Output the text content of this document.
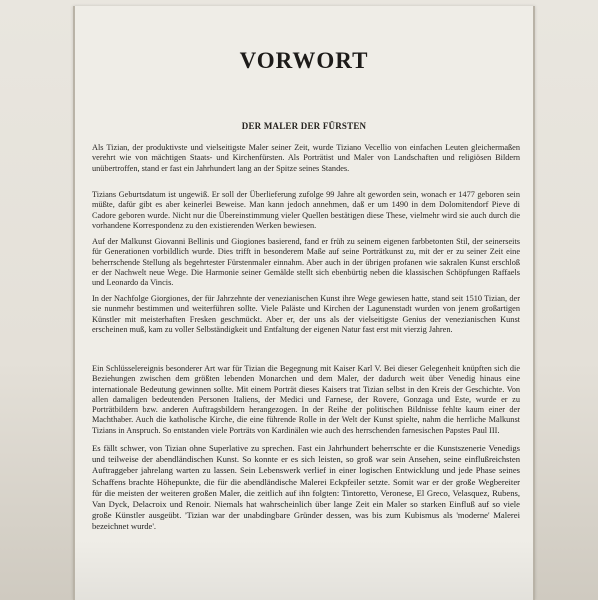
VORWORT
DER MALER DER FÜRSTEN
Als Tizian, der produktivste und vielseitigste Maler seiner Zeit, wurde Tiziano Vecellio von einfachen Leuten gleichermaßen verehrt wie von mächtigen Staats- und Kirchenfürsten. Als Porträtist und Maler von Landschaften und religiösen Bildern unübertroffen, stand er fast ein Jahrhundert lang an der Spitze seines Standes.
Tizians Geburtsdatum ist ungewiß. Er soll der Überlieferung zufolge 99 Jahre alt geworden sein, wonach er 1477 geboren sein müßte, dafür gibt es aber keinerlei Beweise. Man kann jedoch annehmen, daß er um 1490 in dem Dolomitendorf Pieve di Cadore geboren wurde. Nicht nur die Übereinstimmung vieler Quellen bestätigen diese These, vielmehr wird sie auch durch die vorhandene Korrespondenz zu den existierenden Werken bewiesen.
Auf der Malkunst Giovanni Bellinis und Giogiones basierend, fand er früh zu seinem eigenen farbbetonten Stil, der seinerseits für Generationen vorbildlich wurde. Dies trifft in besonderem Maße auf seine Porträtkunst zu, mit der er zu seiner Zeit eine beherrschende Stellung als begehrtester Fürstenmaler einnahm. Aber auch in der übrigen profanen wie sakralen Kunst erschloß er der Nachwelt neue Wege. Die Harmonie seiner Gemälde stellt sich ebenbürtig neben die klassischen Schöpfungen Raffaels und Leonardo da Vincis.
In der Nachfolge Giorgiones, der für Jahrzehnte der venezianischen Kunst ihre Wege gewiesen hatte, stand seit 1510 Tizian, der sie nunmehr bestimmen und weiterführen sollte. Viele Paläste und Kirchen der Lagunenstadt wurden von jenem großartigen Künstler mit meisterhaften Fresken geschmückt. Aber er, der uns als der vielseitigste Genius der venezianischen Kunst erscheinen muß, kam zu voller Selbständigkeit und Entfaltung der eigenen Natur fast erst mit vierzig Jahren.
Ein Schlüsselereignis besonderer Art war für Tizian die Begegnung mit Kaiser Karl V. Bei dieser Gelegenheit knüpften sich die Beziehungen zwischen dem größten lebenden Monarchen und dem Maler, der dadurch weit über Venedig hinaus eine internationale Bedeutung gewinnen sollte. Mit einem Porträt dieses Kaisers trat Tizian selbst in den Kreis der Geschichte. Von allen damaligen bedeutenden Personen Italiens, der Medici und Farnese, der Rovere, Gonzaga und Este, wurde er zu Porträtbildern bzw. anderen Auftragsbildern herangezogen. In der Reihe der politischen Bildnisse fehlte kaum einer der Machthaber. Auch die katholische Kirche, die eine führende Rolle in der Welt der Kunst spielte, nahm die herrliche Malkunst Tizians in Anspruch. So entstanden viele Porträts von Kardinälen wie auch des herrschenden farnesischen Papstes Paul III.
Es fällt schwer, von Tizian ohne Superlative zu sprechen. Fast ein Jahrhundert beherrschte er die Kunstszenerie Venedigs und teilweise der abendländischen Kunst. So konnte er es sich leisten, so groß war sein Ansehen, seine einflußreichsten Auftraggeber jahrelang warten zu lassen. Sein Lebenswerk verlief in einer logischen Entwicklung und jede Phase seines Schaffens brachte Höhepunkte, die für die abendländische Malerei Eckpfeiler setzte. Somit war er der große Wegbereiter für die meisten der weiteren großen Maler, die zeitlich auf ihn folgten: Tintoretto, Veronese, El Greco, Velasquez, Rubens, Van Dyck, Delacroix und Renoir. Niemals hat wahrscheinlich über lange Zeit ein Maler so starken Einfluß auf so viele große Künstler ausgeübt. 'Tizian war der unabdingbare Gründer dessen, was bis zum Kubismus als 'moderne' Malerei bezeichnet wurde'.
